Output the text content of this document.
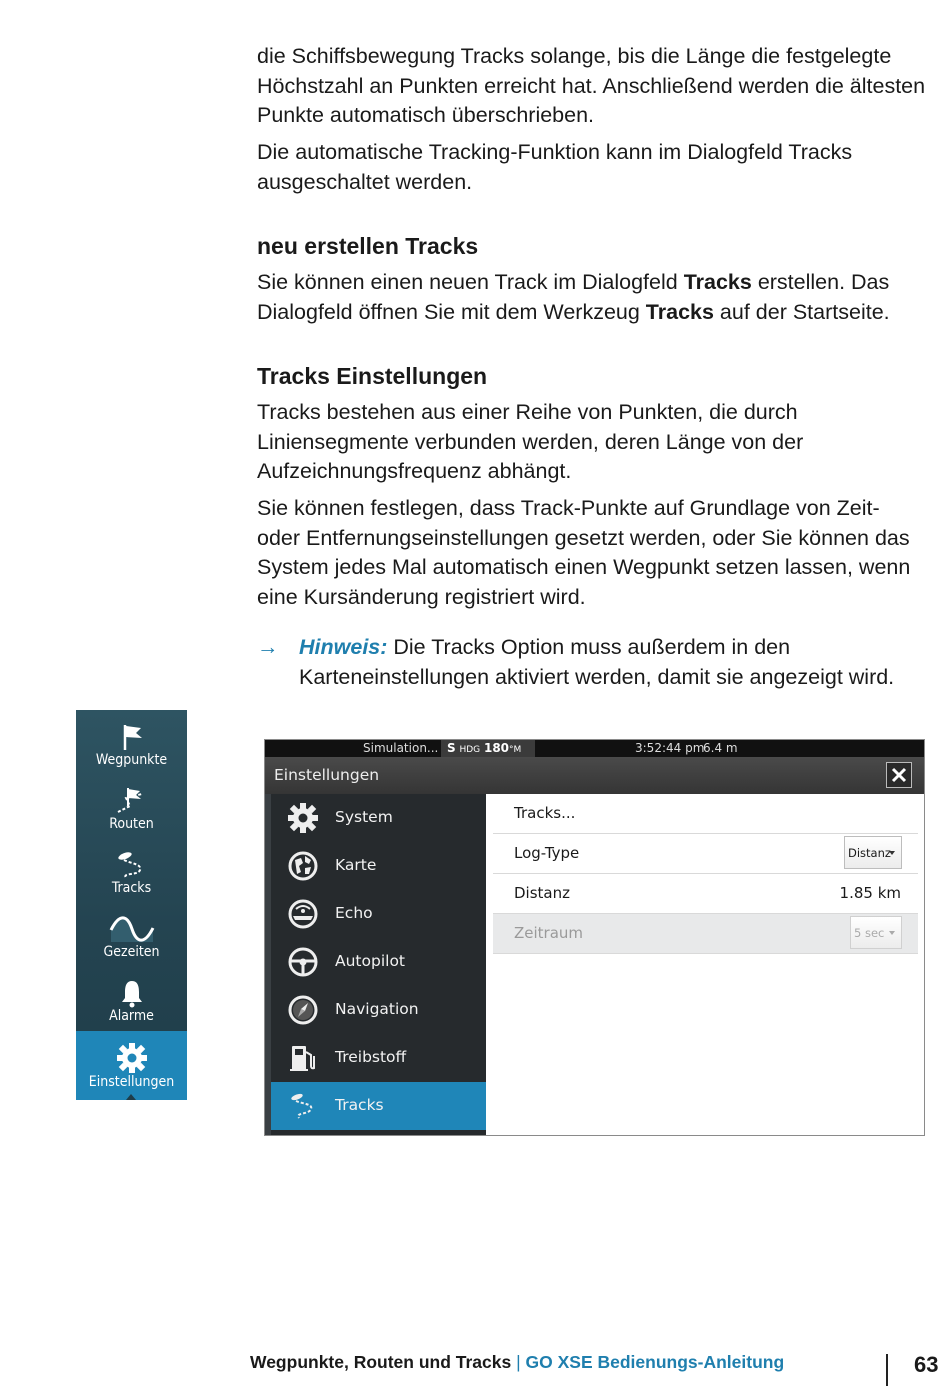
die Schiffsbewegung Tracks solange, bis die Länge die festgelegte Höchstzahl an Punkten erreicht hat. Anschließend werden die ältesten Punkte automatisch überschrieben.

Die automatische Tracking-Funktion kann im Dialogfeld Tracks ausgeschaltet werden.

neu erstellen Tracks

Sie können einen neuen Track im Dialogfeld Tracks erstellen. Das Dialogfeld öffnen Sie mit dem Werkzeug Tracks auf der Startseite.

Tracks Einstellungen

Tracks bestehen aus einer Reihe von Punkten, die durch Liniensegmente verbunden werden, deren Länge von der Aufzeichnungsfrequenz abhängt.

Sie können festlegen, dass Track-Punkte auf Grundlage von Zeit- oder Entfernungseinstellungen gesetzt werden, oder Sie können das System jedes Mal automatisch einen Wegpunkt setzen lassen, wenn eine Kursänderung registriert wird.

→ Hinweis: Die Tracks Option muss außerdem in den Karteneinstellungen aktiviert werden, damit sie angezeigt wird.
Wegpunkte
Routen
Tracks
Gezeiten
Alarme
Einstellungen
Simulation... S HDG 180°M	3:52:44 pm
6.4 m
Einstellungen
System
Karte
Echo
Autopilot
Navigation
Treibstoff
Tracks
Tracks...
Log-Type	Distanz
Distanz	1.85 km
Zeitraum	5 sec
Wegpunkte, Routen und Tracks | GO XSE Bedienungs-Anleitung	63
